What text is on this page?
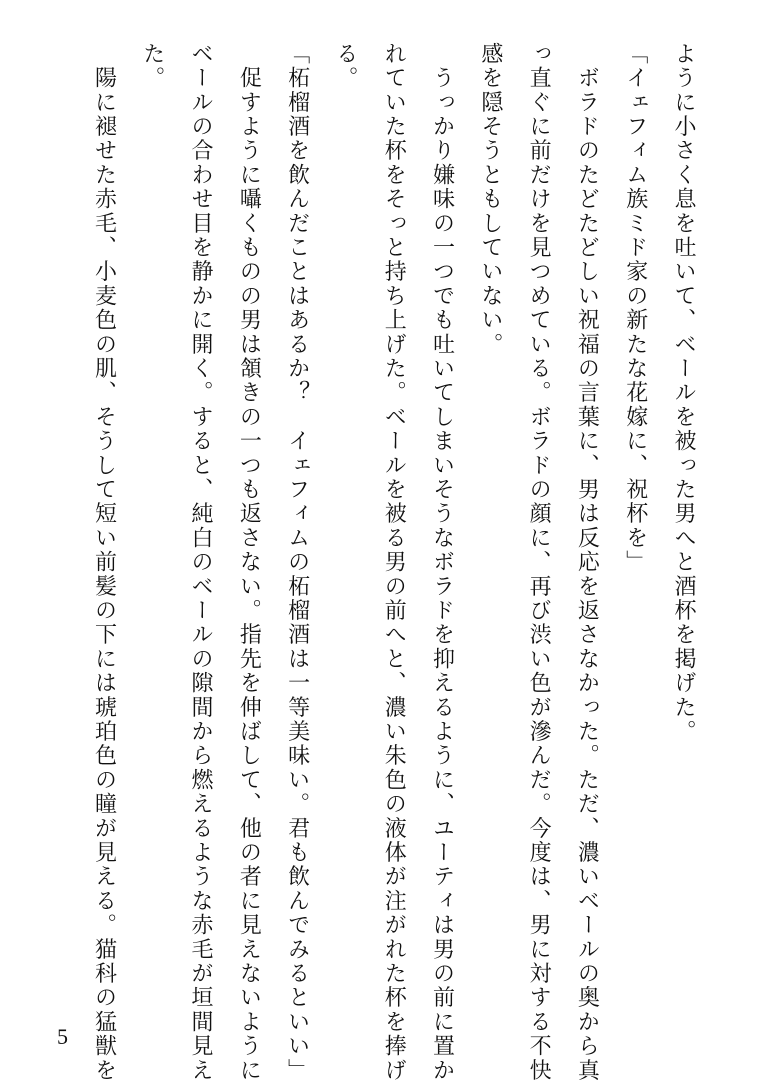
ように小さく息を吐いて、ベールを被った男へと酒杯を掲げた。
「イェフィム族ミド家の新たな花嫁に、祝杯を」
　ボラドのたどたどしい祝福の言葉に、男は反応を返さなかった。ただ、濃いベールの奥から真
っ直ぐに前だけを見つめている。ボラドの顔に、再び渋い色が滲んだ。今度は、男に対する不快
感を隠そうともしていない。
　うっかり嫌味の一つでも吐いてしまいそうなボラドを抑えるように、ユーティは男の前に置か
れていた杯をそっと持ち上げた。ベールを被る男の前へと、濃い朱色の液体が注がれた杯を捧げ
る。
「柘榴酒を飲んだことはあるか？　イェフィムの柘榴酒は一等美味い。君も飲んでみるといい」
　促すように囁くものの男は頷きの一つも返さない。指先を伸ばして、他の者に見えないように
ベールの合わせ目を静かに開く。すると、純白のベールの隙間から燃えるような赤毛が垣間見え
た。
　陽に褪せた赤毛、小麦色の肌、そうして短い前髪の下には琥珀色の瞳が見える。猫科の猛獣を
5
